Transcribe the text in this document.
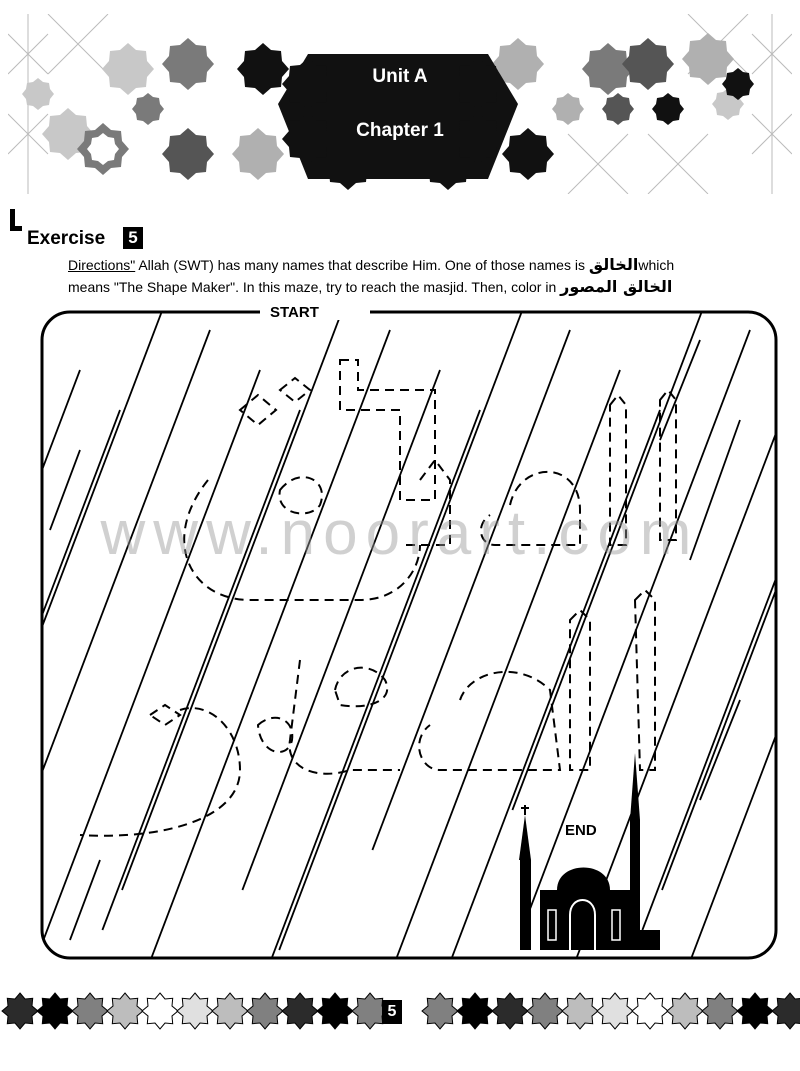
Unit A
Chapter 1
Exercise	5
Directions" Allah (SWT) has many names that describe Him. One of those names is الخالقwhich
means "The Shape Maker". In this maze, try to reach the masjid. Then, color in الخالق المصور
START
END
www.noorart.com
5
